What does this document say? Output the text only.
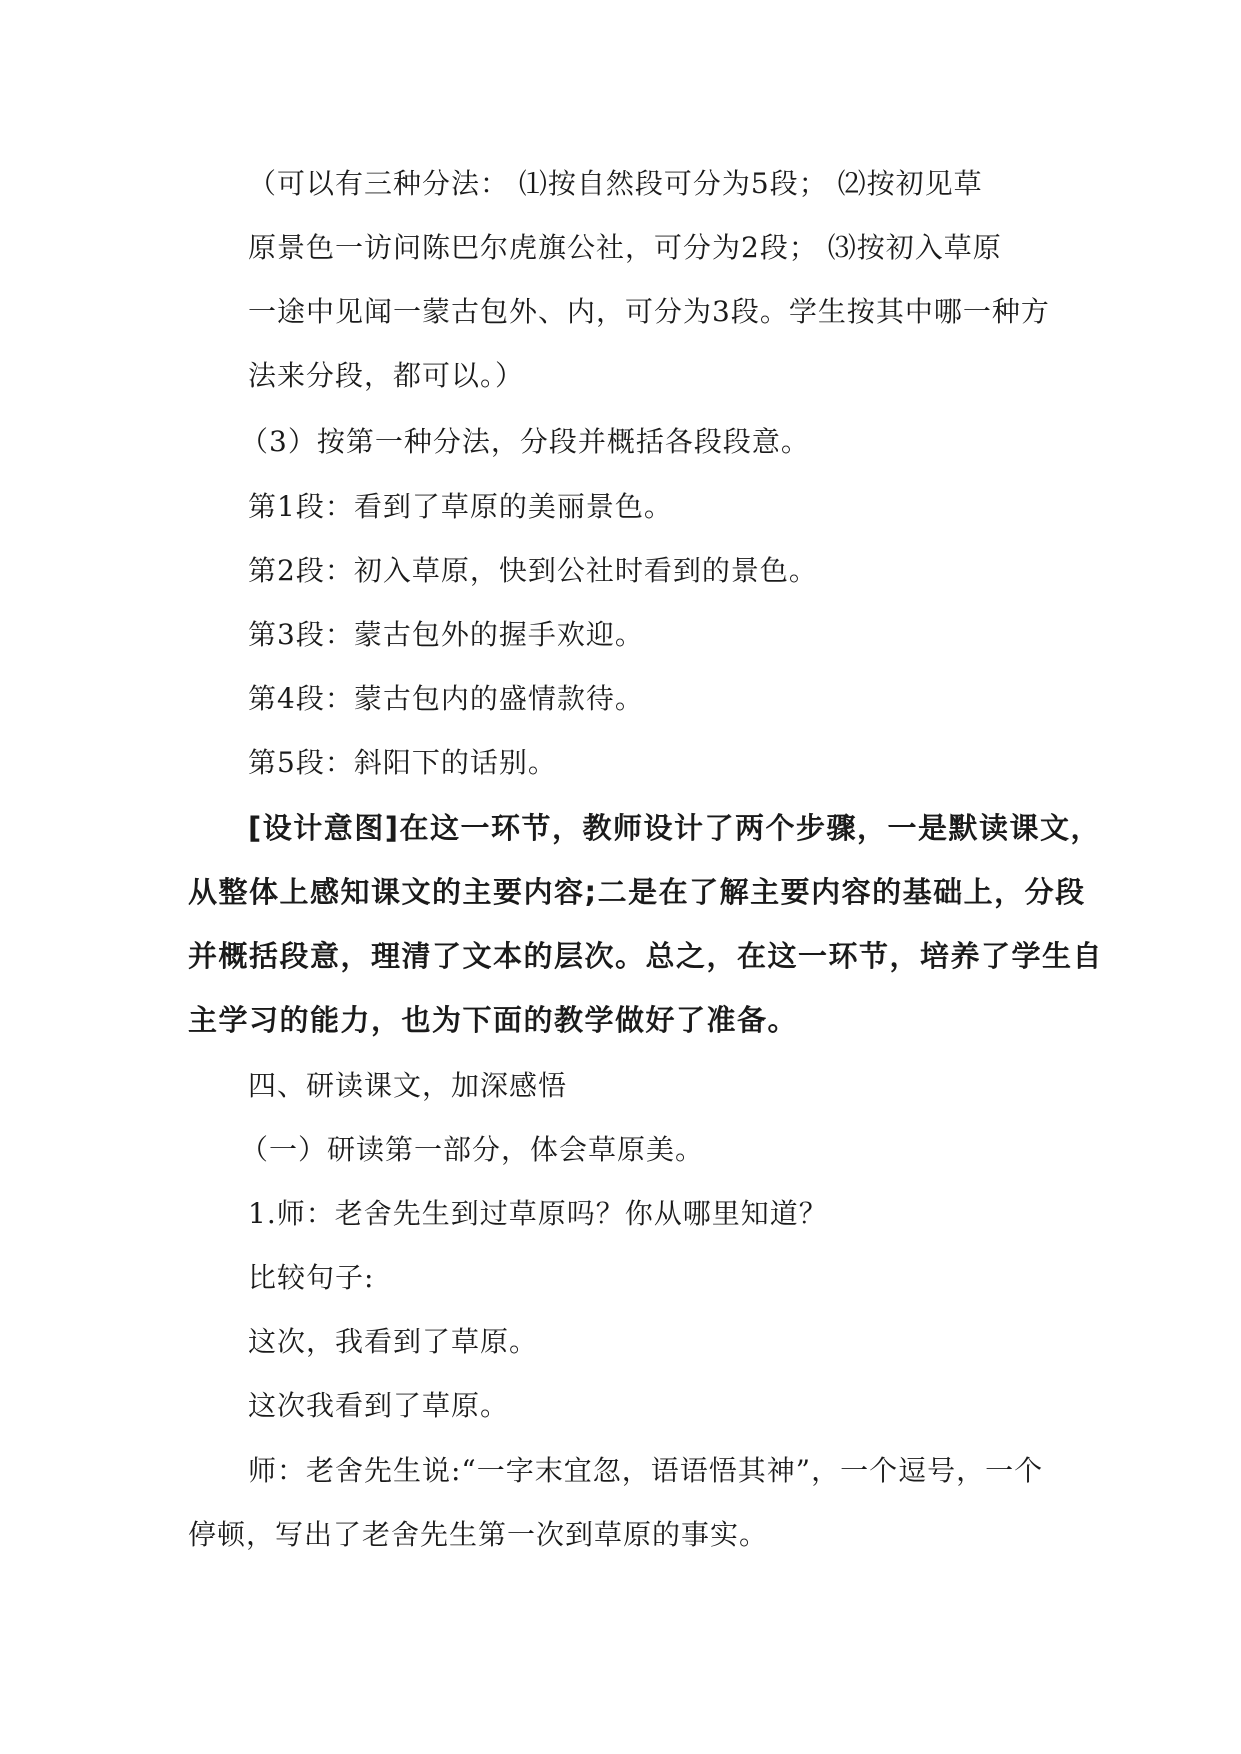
（可以有三种分法： ⑴按自然段可分为5段； ⑵按初见草
原景色一访问陈巴尔虎旗公社，可分为2段； ⑶按初入草原
一途中见闻一蒙古包外、内，可分为3段。学生按其中哪一种方
法来分段，都可以。）
（3）按第一种分法，分段并概括各段段意。
第1段：看到了草原的美丽景色。
第2段：初入草原，快到公社时看到的景色。
第3段：蒙古包外的握手欢迎。
第4段：蒙古包内的盛情款待。
第5段：斜阳下的话别。
[设计意图]在这一环节，教师设计了两个步骤，一是默读课文，
从整体上感知课文的主要内容;二是在了解主要内容的基础上，分段
并概括段意，理清了文本的层次。总之，在这一环节，培养了学生自
主学习的能力，也为下面的教学做好了准备。
四、研读课文，加深感悟
（一）研读第一部分，体会草原美。
1.师：老舍先生到过草原吗？你从哪里知道？
比较句子:
这次，我看到了草原。
这次我看到了草原。
师：老舍先生说:“一字末宜忽，语语悟其神”，一个逗号，一个
停顿，写出了老舍先生第一次到草原的事实。
